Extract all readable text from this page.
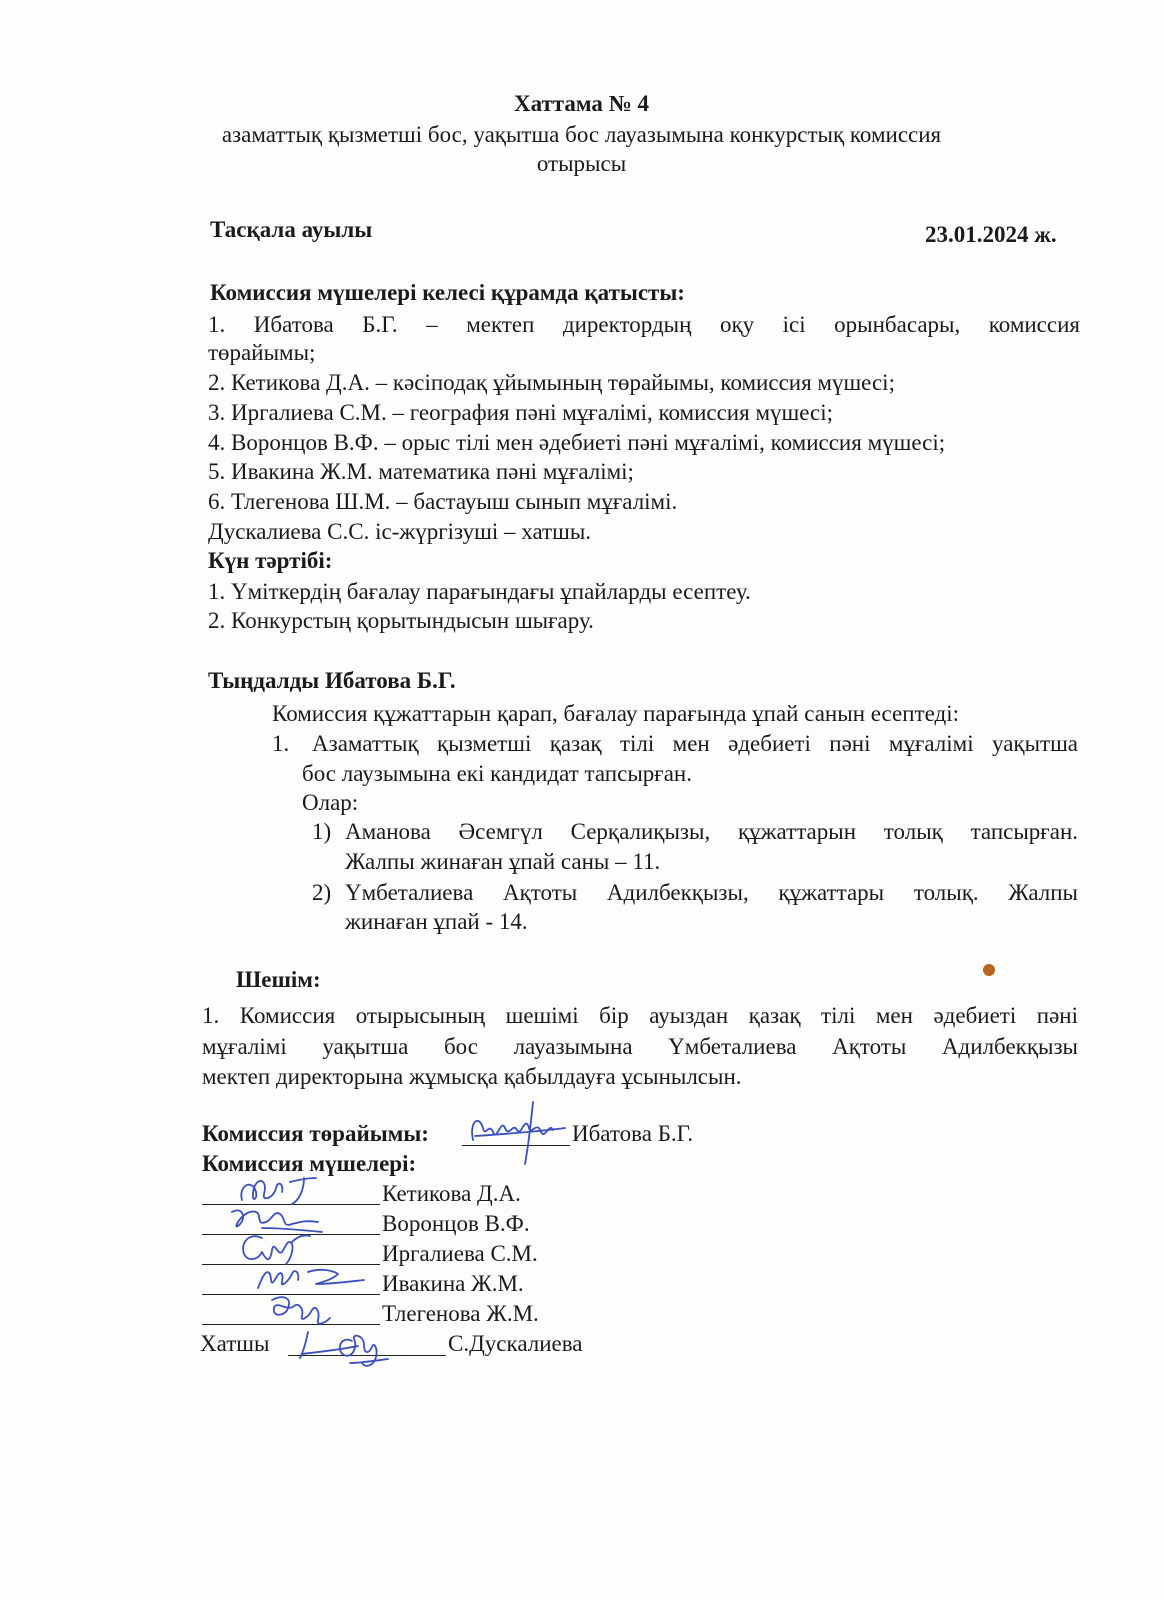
Хаттама № 4
азаматтық қызметші бос, уақытша бос лауазымына конкурстық комиссия
отырысы
Тасқала ауылы	23.01.2024 ж.
Комиссия мүшелері келесі құрамда қатысты:
1. Ибатова Б.Г. – мектеп директордың оқу ісі орынбасары, комиссия
төрайымы;
2. Кетикова Д.А. – кәсіподақ ұйымының төрайымы, комиссия мүшесі;
3. Иргалиева С.М. – география пәні мұғалімі, комиссия мүшесі;
4. Воронцов В.Ф. – орыс тілі мен әдебиеті пәні мұғалімі, комиссия мүшесі;
5. Ивакина Ж.М. математика пәні мұғалімі;
6. Тлегенова Ш.М. – бастауыш сынып мұғалімі.
Дускалиева С.С. іс-жүргізуші – хатшы.
Күн тәртібі:
1. Үміткердің бағалау парағындағы ұпайларды есептеу.
2. Конкурстың қорытындысын шығару.
Тыңдалды Ибатова Б.Г.
Комиссия құжаттарын қарап, бағалау парағында ұпай санын есептеді:
1. Азаматтық қызметші қазақ тілі мен әдебиеті пәні мұғалімі уақытша
бос лаузымына екі кандидат тапсырған.
Олар:
1) Аманова Әсемгүл Серқалиқызы, құжаттарын толық тапсырған.
Жалпы жинаған ұпай саны – 11.
2) Үмбеталиева Ақтоты Адилбекқызы, құжаттары толық. Жалпы
жинаған ұпай - 14.
Шешім:
1. Комиссия отырысының шешімі бір ауыздан қазақ тілі мен әдебиеті пәні
мұғалімі уақытша бос лауазымына Үмбеталиева Ақтоты Адилбекқызы
мектеп директорына жұмысқа қабылдауға ұсынылсын.
Комиссия төрайымы:	Ибатова Б.Г.
Комиссия мүшелері:
Кетикова Д.А.
Воронцов В.Ф.
Иргалиева С.М.
Ивакина Ж.М.
Тлегенова Ж.М.
Хатшы	С.Дускалиева
